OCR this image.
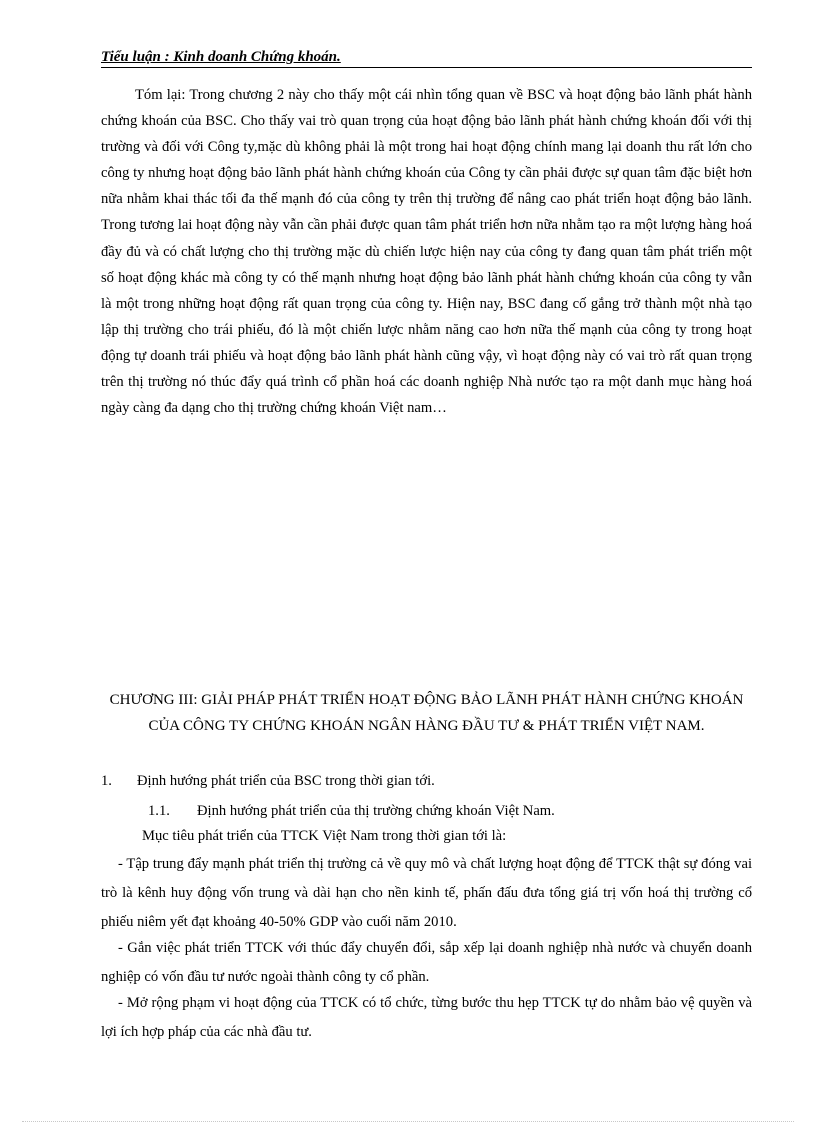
Tiểu luận : Kinh doanh Chứng khoán.

Tóm lại: Trong chương 2 này cho thấy một cái nhìn tổng quan về BSC và hoạt động bảo lãnh phát hành chứng khoán của BSC. Cho thấy vai trò quan trọng của hoạt động bảo lãnh phát hành chứng khoán đối với thị trường và đối với Công ty,mặc dù không phải là một trong hai hoạt động chính mang lại doanh thu rất lớn cho công ty nhưng hoạt động bảo lãnh phát hành chứng khoán của Công ty cần phải được sự quan tâm đặc biệt hơn nữa nhằm khai thác tối đa thế mạnh đó của công ty trên thị trường để nâng cao phát triển hoạt động bảo lãnh. Trong tương lai hoạt động này vẫn cần phải được quan tâm phát triển hơn nữa nhằm tạo ra một lượng hàng hoá đầy đủ và có chất lượng cho thị trường mặc dù chiến lược hiện nay của công ty đang quan tâm phát triển một số hoạt động khác mà công ty có thế mạnh nhưng hoạt động bảo lãnh phát hành chứng khoán của công ty vẫn là một trong những hoạt động rất quan trọng của công ty. Hiện nay, BSC đang cố gắng trở thành một nhà tạo lập thị trường cho trái phiếu, đó là một chiến lược nhằm năng cao hơn nữa thế mạnh của công ty trong hoạt động tự doanh trái phiếu và hoạt động bảo lãnh phát hành cũng vậy, vì hoạt động này có vai trò rất quan trọng trên thị trường nó thúc đẩy quá trình cổ phần hoá các doanh nghiệp Nhà nước tạo ra một danh mục hàng hoá ngày càng đa dạng cho thị trường chứng khoán Việt nam…

CHƯƠNG III: GIẢI PHÁP PHÁT TRIỂN HOẠT ĐỘNG BẢO LÃNH PHÁT HÀNH CHỨNG KHOÁN CỦA CÔNG TY CHỨNG KHOÁN NGÂN HÀNG ĐẦU TƯ & PHÁT TRIỂN VIỆT NAM.

1. Định hướng phát triển của BSC trong thời gian tới.
1.1. Định hướng phát triển của thị trường chứng khoán Việt Nam.
Mục tiêu phát triển của TTCK Việt Nam trong thời gian tới là:

- Tập trung đẩy mạnh phát triển thị trường cả về quy mô và chất lượng hoạt động để TTCK thật sự đóng vai trò là kênh huy động vốn trung và dài hạn cho nền kinh tế, phấn đấu đưa tổng giá trị vốn hoá thị trường cổ phiếu niêm yết đạt khoảng 40-50% GDP vào cuối năm 2010.

- Gắn việc phát triển TTCK với thúc đẩy chuyển đổi, sắp xếp lại doanh nghiệp nhà nước và chuyển doanh nghiệp có vốn đầu tư nước ngoài thành công ty cổ phần.

- Mở rộng phạm vi hoạt động của TTCK có tổ chức, từng bước thu hẹp TTCK tự do nhằm bảo vệ quyền và lợi ích hợp pháp của các nhà đầu tư.
